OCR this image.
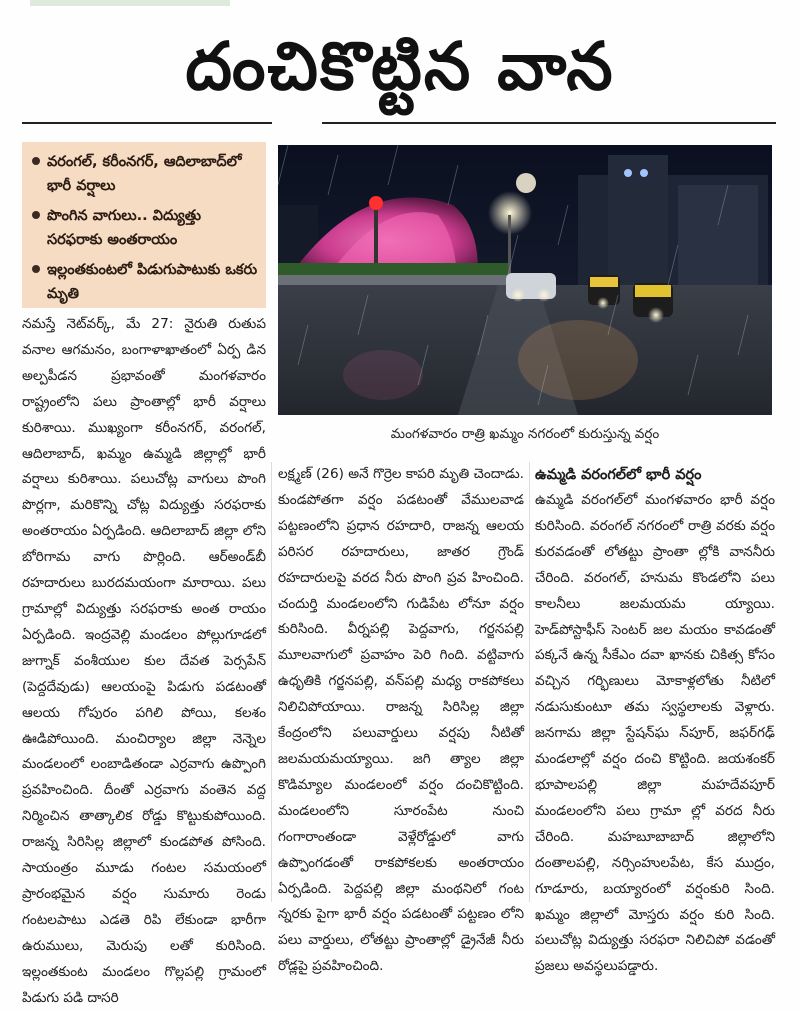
దంచికొట్టిన వాన
వరంగల్, కరీంనగర్, ఆదిలాబాద్‌లో భారీ వర్షాలు
పొంగిన వాగులు.. విద్యుత్తు సరఫరాకు అంతరాయం
ఇల్లంతకుంటలో పిడుగుపాటుకు ఒకరు మృతి
మంగళవారం రాత్రి ఖమ్మం నగరంలో కురుస్తున్న వర్షం
నమస్తే నెట్‌వర్క్, మే 27: నైరుతి రుతుప వనాల ఆగమనం, బంగాళాఖాతంలో ఏర్ప డిన అల్పపీడన ప్రభావంతో మంగళవారం రాష్ట్రంలోని పలు ప్రాంతాల్లో భారీ వర్షాలు కురిశాయి. ముఖ్యంగా కరీంనగర్, వరంగల్, ఆదిలాబాద్, ఖమ్మం ఉమ్మడి జిల్లాల్లో భారీ వర్షాలు కురిశాయి. పలుచోట్ల వాగులు పొంగి పొర్లగా, మరికొన్ని చోట్ల విద్యుత్తు సరఫరాకు అంతరాయం ఏర్పడింది. ఆదిలాబాద్ జిల్లా లోని బోరిగామ వాగు పొర్లింది. ఆర్‌అండ్‌బీ రహదారులు బురదమయంగా మారాయి. పలు గ్రామాల్లో విద్యుత్తు సరఫరాకు అంత రాయం ఏర్పడింది. ఇంద్రవెల్లి మండలం పోల్లుగూడలో జుగ్నాక్ వంశీయుల కుల దేవత పెర్సపేన్ (పెద్దదేవుడు) ఆలయంపై పిడుగు పడటంతో ఆలయ గోపురం పగిలి పోయి, కలశం ఊడిపోయింది. మంచిర్యాల జిల్లా నెన్నెల మండలంలో లంబాడితండా ఎర్రవాగు ఉప్పొంగి ప్రవహించింది. దీంతో ఎర్రవాగు వంతెన వద్ద నిర్మించిన తాత్కాలిక రోడ్డు కొట్టుకుపోయింది. రాజన్న సిరిసిల్ల జిల్లాలో కుండపోత పోసింది. సాయంత్రం మూడు గంటల సమయంలో ప్రారంభమైన వర్షం సుమారు రెండు గంటలపాటు ఎడతె రిపి లేకుండా భారీగా ఉరుములు, మెరుపు లతో కురిసింది. ఇల్లంతకుంట మండలం గొల్లపల్లి గ్రామంలో పిడుగు పడి దాసరి
లక్ష్మణ్ (26) అనే గొర్రెల కాపరి మృతి చెందాడు. కుండపోతగా వర్షం పడటంతో వేములవాడ పట్టణంలోని ప్రధాన రహదారి, రాజన్న ఆలయ పరిసర రహదారులు, జాతర గ్రౌండ్ రహదారులపై వరద నీరు పొంగి ప్రవ హించింది. చందుర్తి మండలంలోని గుడిపేట లోనూ వర్షం కురిసింది. వీర్నపల్లి పెద్దవాగు, గర్జనపల్లి మూలవాగులో ప్రవాహం పెరి గింది. వట్టివాగు ఉధృతికి గర్జనపల్లి, వన్‌పల్లి మధ్య రాకపోకలు నిలిచిపోయాయి. రాజన్న సిరిసిల్ల జిల్లా కేంద్రంలోని పలువార్డులు వర్షపు నీటితో జలమయమయ్యాయి. జగి త్యాల జిల్లా కొడిమ్యాల మండలంలో వర్షం దంచికొట్టింది. మండలంలోని సూరంపేట నుంచి గంగారాంతండా వెళ్లేరోడ్డులో వాగు ఉప్పొంగడంతో రాకపోకలకు అంతరాయం ఏర్పడింది. పెద్దపల్లి జిల్లా మంథనిలో గంట న్నరకు పైగా భారీ వర్షం పడటంతో పట్టణం లోని పలు వార్డులు, లోతట్టు ప్రాంతాల్లో డ్రైనేజీ నీరు రోడ్లపై ప్రవహించింది.
ఉమ్మడి వరంగల్‌లో భారీ వర్షం
ఉమ్మడి వరంగల్‌లో మంగళవారం భారీ వర్షం కురిసింది. వరంగల్ నగరంలో రాత్రి వరకు వర్షం కురవడంతో లోతట్టు ప్రాంతా ల్లోకి వాననీరు చేరింది. వరంగల్, హనుమ కొండలోని పలు కాలనీలు జలమయమ య్యాయి. హెడ్‌పోస్టాఫీస్ సెంటర్ జల మయం కావడంతో పక్కనే ఉన్న సీకేఎం దవా ఖానకు చికిత్స కోసం వచ్చిన గర్భిణులు మోకాళ్లలోతు నీటిలో నడుసుకుంటూ తమ స్వస్థలాలకు వెళ్లారు. జనగామ జిల్లా స్టేషన్‌ఘ న్‌పూర్, జఫర్‌గఢ్ మండలాల్లో వర్షం దంచి కొట్టింది. జయశంకర్ భూపాలపల్లి జిల్లా మహదేవపూర్ మండలంలోని పలు గ్రామా ల్లో వరద నీరు చేరింది. మహబూబాబాద్ జిల్లాలోని దంతాలపల్లి, నర్సింహులపేట, కేస ముద్రం, గూడూరు, బయ్యారంలో వర్షంకురి సింది. ఖమ్మం జిల్లాలో మోస్తరు వర్షం కురి సింది. పలుచోట్ల విద్యుత్తు సరఫరా నిలిచిపో వడంతో ప్రజలు అవస్థలుపడ్డారు.
